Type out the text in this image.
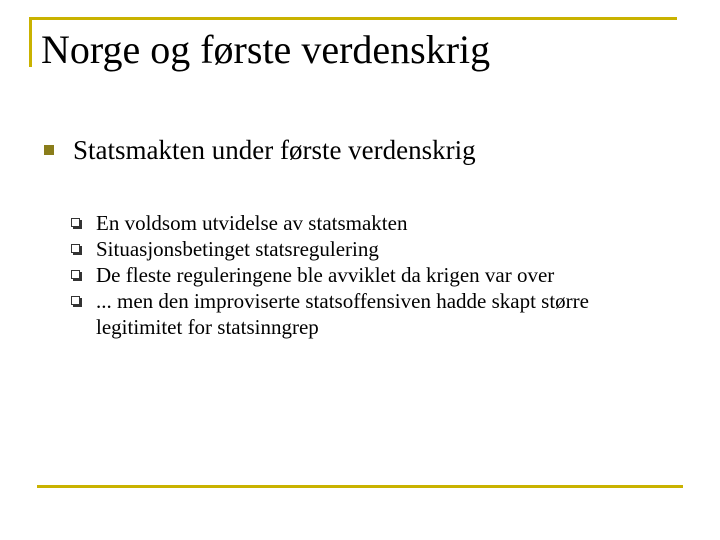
Norge og første verdenskrig
Statsmakten under første verdenskrig
En voldsom utvidelse av statsmakten
Situasjonsbetinget statsregulering
De fleste reguleringene ble avviklet da krigen var over
... men den improviserte statsoffensiven hadde skapt større legitimitet for statsinngrep
